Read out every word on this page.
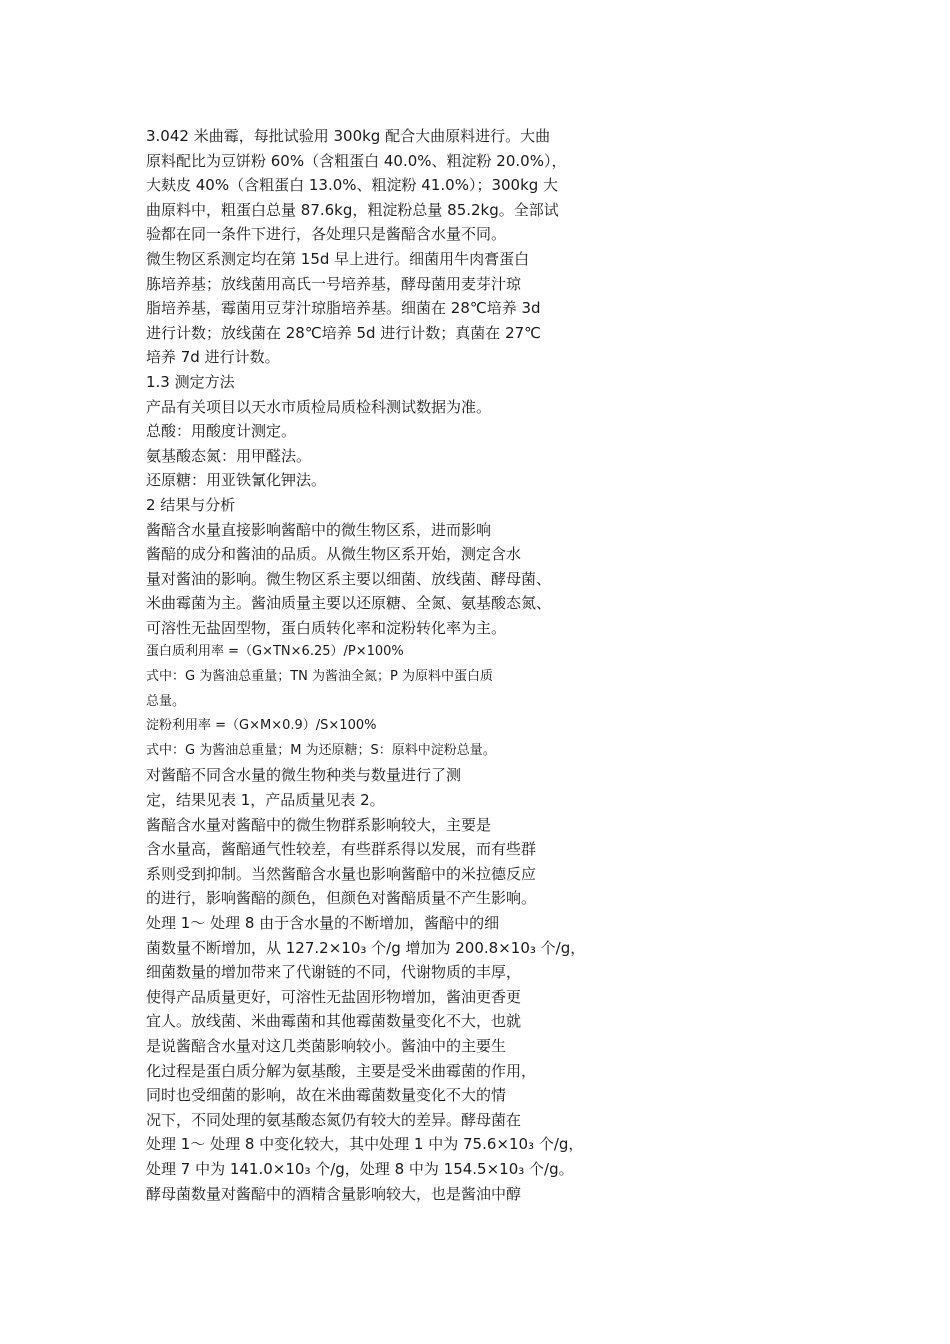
3.042 米曲霉，每批试验用 300kg 配合大曲原料进行。大曲
原料配比为豆饼粉 60%（含粗蛋白 40.0%、粗淀粉 20.0%），
大麸皮 40%（含粗蛋白 13.0%、粗淀粉 41.0%）；300kg 大
曲原料中，粗蛋白总量 87.6kg，粗淀粉总量 85.2kg。全部试
验都在同一条件下进行，各处理只是酱醅含水量不同。
微生物区系测定均在第 15d 早上进行。细菌用牛肉膏蛋白
胨培养基；放线菌用高氏一号培养基，酵母菌用麦芽汁琼
脂培养基，霉菌用豆芽汁琼脂培养基。细菌在 28℃培养 3d
进行计数；放线菌在 28℃培养 5d 进行计数；真菌在 27℃
培养 7d 进行计数。
1.3 测定方法
产品有关项目以天水市质检局质检科测试数据为准。
总酸：用酸度计测定。
氨基酸态氮：用甲醛法。
还原糖：用亚铁氰化钾法。
2 结果与分析
酱醅含水量直接影响酱醅中的微生物区系，进而影响
酱醅的成分和酱油的品质。从微生物区系开始，测定含水
量对酱油的影响。微生物区系主要以细菌、放线菌、酵母菌、
米曲霉菌为主。酱油质量主要以还原糖、全氮、氨基酸态氮、
可溶性无盐固型物，蛋白质转化率和淀粉转化率为主。
蛋白质利用率 =（G×TN×6.25）/P×100%
式中：G 为酱油总重量；TN 为酱油全氮；P 为原料中蛋白质
总量。
淀粉利用率 =（G×M×0.9）/S×100%
式中：G 为酱油总重量；M 为还原糖；S：原料中淀粉总量。
对酱醅不同含水量的微生物种类与数量进行了测
定，结果见表 1，产品质量见表 2。
酱醅含水量对酱醅中的微生物群系影响较大，主要是
含水量高，酱醅通气性较差，有些群系得以发展，而有些群
系则受到抑制。当然酱醅含水量也影响酱醅中的米拉德反应
的进行，影响酱醅的颜色，但颜色对酱醅质量不产生影响。
处理 1～ 处理 8 由于含水量的不断增加，酱醅中的细
菌数量不断增加，从 127.2×10₃ 个/g 增加为 200.8×10₃ 个/g，
细菌数量的增加带来了代谢链的不同，代谢物质的丰厚，
使得产品质量更好，可溶性无盐固形物增加，酱油更香更
宜人。放线菌、米曲霉菌和其他霉菌数量变化不大，也就
是说酱醅含水量对这几类菌影响较小。酱油中的主要生
化过程是蛋白质分解为氨基酸，主要是受米曲霉菌的作用，
同时也受细菌的影响，故在米曲霉菌数量变化不大的情
况下，不同处理的氨基酸态氮仍有较大的差异。酵母菌在
处理 1～ 处理 8 中变化较大，其中处理 1 中为 75.6×10₃ 个/g，
处理 7 中为 141.0×10₃ 个/g，处理 8 中为 154.5×10₃ 个/g。
酵母菌数量对酱醅中的酒精含量影响较大，也是酱油中醇
